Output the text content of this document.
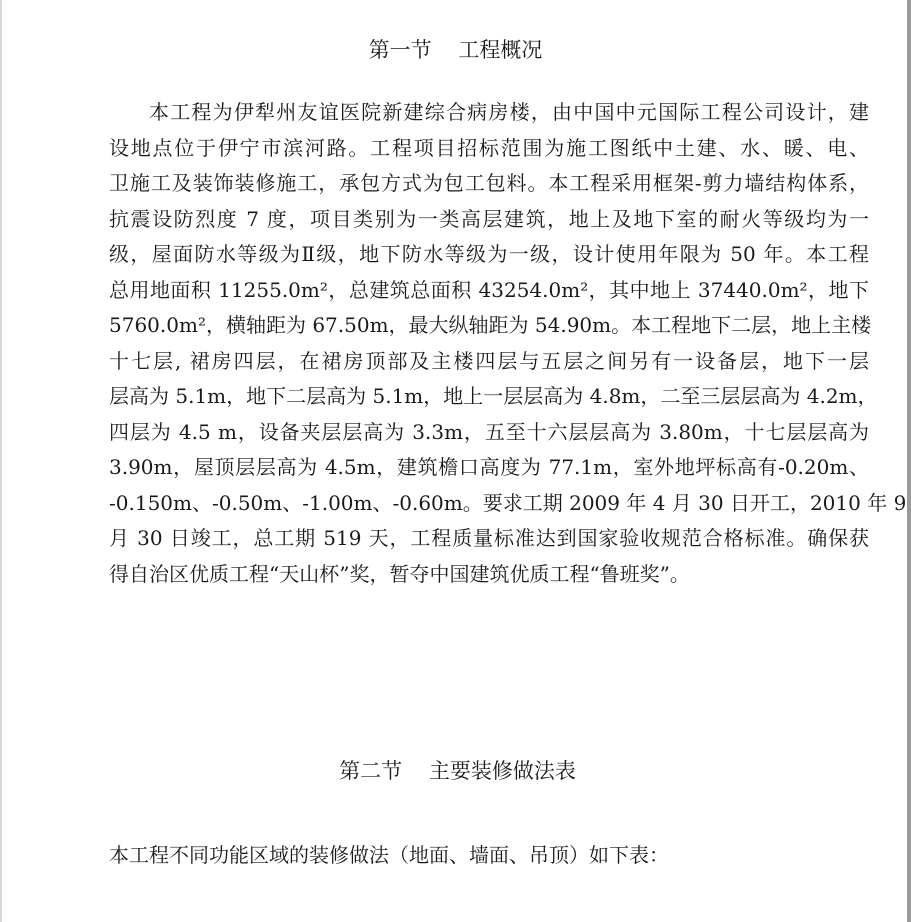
第一节    工程概况
本工程为伊犁州友谊医院新建综合病房楼，由中国中元国际工程公司设计，建
设地点位于伊宁市滨河路。工程项目招标范围为施工图纸中土建、水、暖、电、
卫施工及装饰装修施工，承包方式为包工包料。本工程采用框架-剪力墙结构体系，
抗震设防烈度 7 度，项目类别为一类高层建筑，地上及地下室的耐火等级均为一
级，屋面防水等级为Ⅱ级，地下防水等级为一级，设计使用年限为 50 年。本工程
总用地面积 11255.0m²，总建筑总面积 43254.0m²，其中地上 37440.0m²，地下
5760.0m²，横轴距为 67.50m，最大纵轴距为 54.90m。本工程地下二层，地上主楼
十七层, 裙房四层，在裙房顶部及主楼四层与五层之间另有一设备层，地下一层
层高为 5.1m，地下二层高为 5.1m，地上一层层高为 4.8m，二至三层层高为 4.2m，
四层为 4.5 m，设备夹层层高为 3.3m，五至十六层层高为 3.80m，十七层层高为
3.90m，屋顶层层高为 4.5m，建筑檐口高度为 77.1m，室外地坪标高有-0.20m、
-0.150m、-0.50m、-1.00m、-0.60m。要求工期 2009 年 4 月 30 日开工，2010 年 9
月 30 日竣工，总工期 519 天，工程质量标准达到国家验收规范合格标准。确保获
得自治区优质工程“天山杯”奖，暂夺中国建筑优质工程“鲁班奖”。
第二节    主要装修做法表
本工程不同功能区域的装修做法（地面、墙面、吊顶）如下表：
